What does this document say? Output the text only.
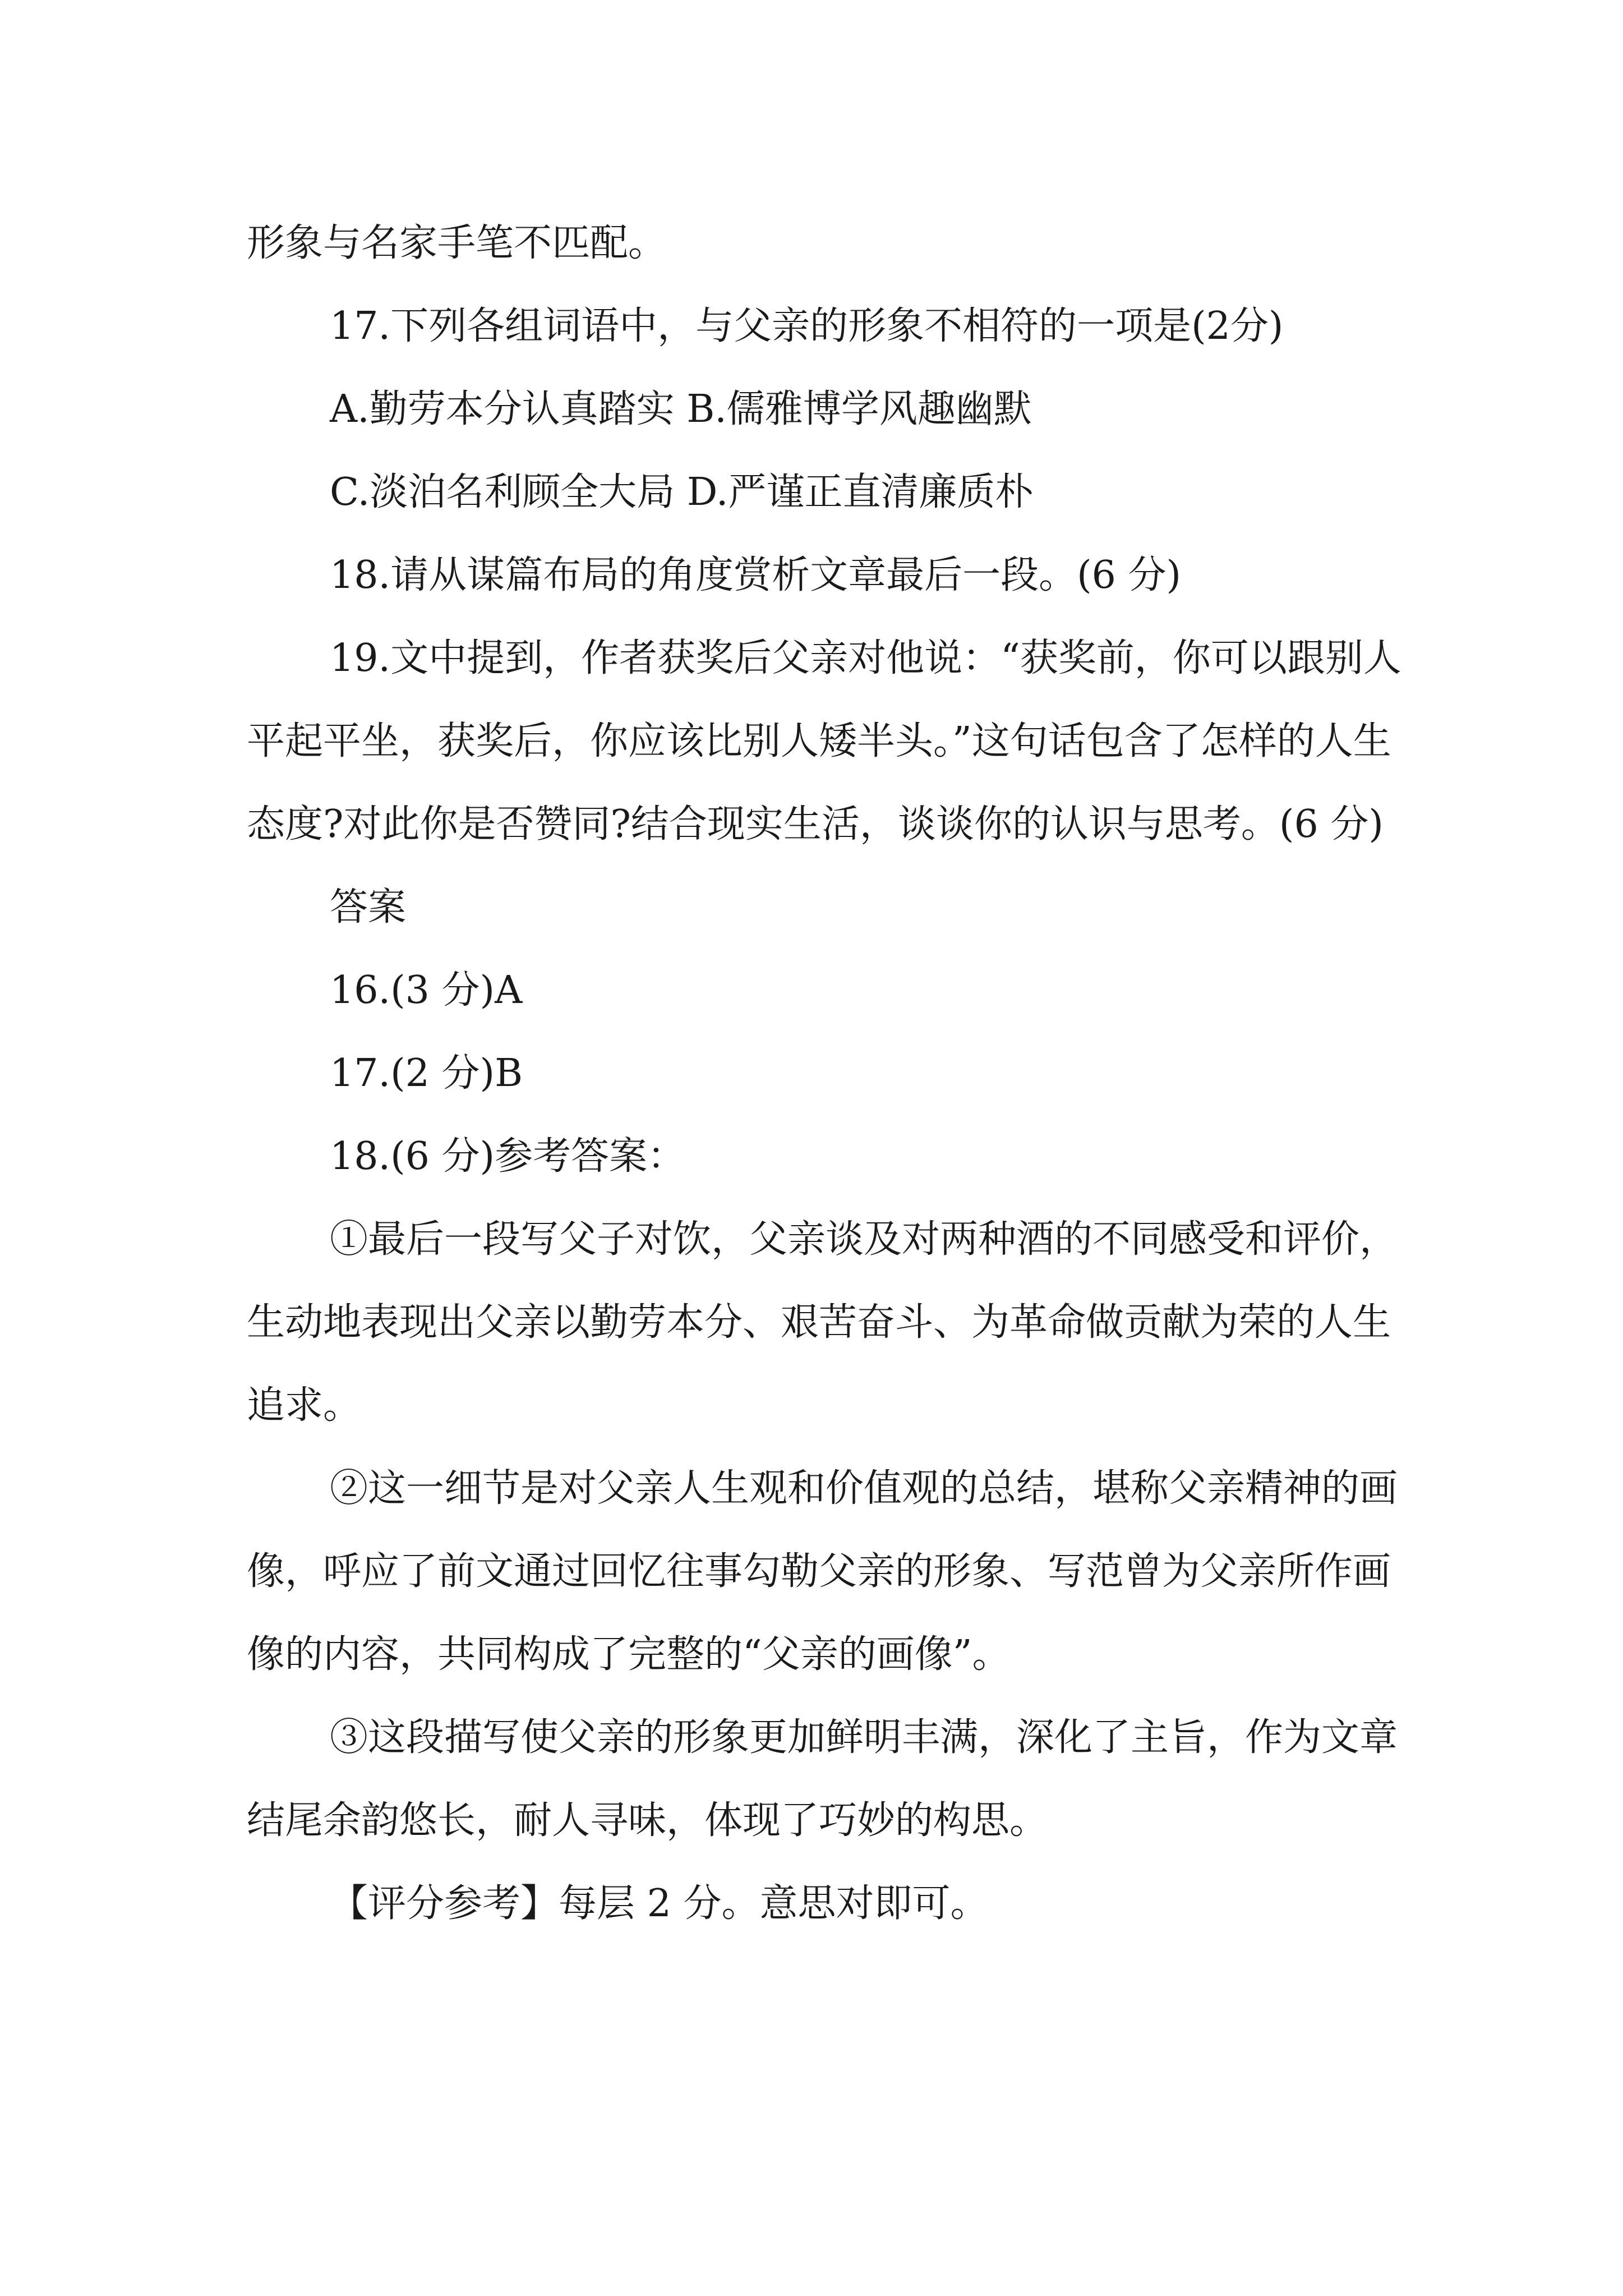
形象与名家手笔不匹配。

17.下列各组词语中，与父亲的形象不相符的一项是(2分)

A.勤劳本分认真踏实 B.儒雅博学风趣幽默

C.淡泊名利顾全大局 D.严谨正直清廉质朴

18.请从谋篇布局的角度赏析文章最后一段。(6 分)

19.文中提到，作者获奖后父亲对他说：“获奖前，你可以跟别人平起平坐，获奖后，你应该比别人矮半头。”这句话包含了怎样的人生态度?对此你是否赞同?结合现实生活，谈谈你的认识与思考。(6 分)

答案

16.(3 分)A

17.(2 分)B

18.(6 分)参考答案：

①最后一段写父子对饮，父亲谈及对两种酒的不同感受和评价，生动地表现出父亲以勤劳本分、艰苦奋斗、为革命做贡献为荣的人生追求。

②这一细节是对父亲人生观和价值观的总结，堪称父亲精神的画像，呼应了前文通过回忆往事勾勒父亲的形象、写范曾为父亲所作画像的内容，共同构成了完整的“父亲的画像”。

③这段描写使父亲的形象更加鲜明丰满，深化了主旨，作为文章结尾余韵悠长，耐人寻味，体现了巧妙的构思。

【评分参考】每层 2 分。意思对即可。
